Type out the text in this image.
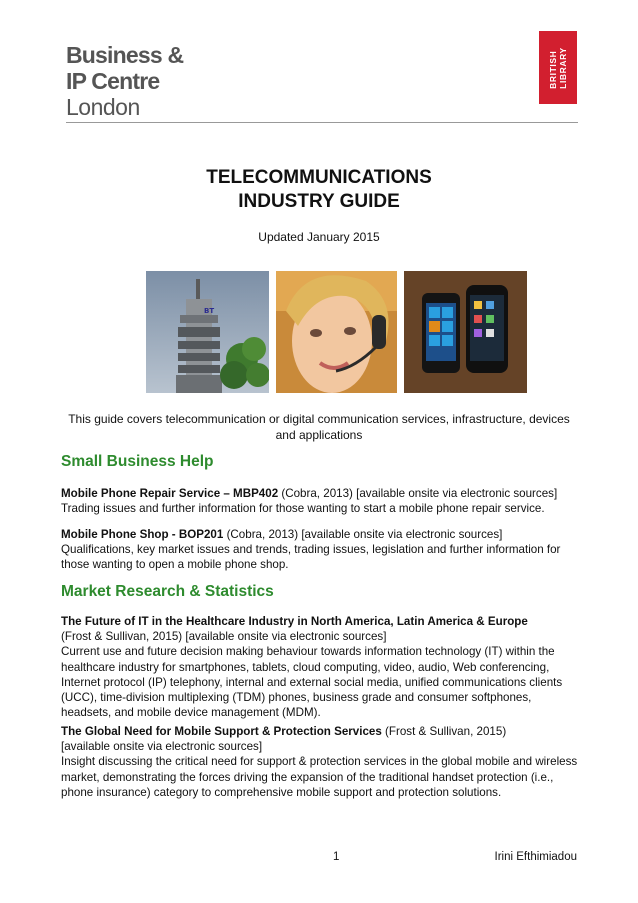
Business &
IP Centre
London
BRITISH LIBRARY
TELECOMMUNICATIONS
INDUSTRY GUIDE
Updated January 2015
BT
This guide covers telecommunication or digital communication services, infrastructure, devices and applications
Small Business Help
Mobile Phone Repair Service – MBP402 (Cobra, 2013) [available onsite via electronic sources]
Trading issues and further information for those wanting to start a mobile phone repair service.
Mobile Phone Shop - BOP201 (Cobra, 2013) [available onsite via electronic sources]
Qualifications, key market issues and trends, trading issues, legislation and further information for those wanting to open a mobile phone shop.
Market Research & Statistics
The Future of IT in the Healthcare Industry in North America, Latin America & Europe
(Frost & Sullivan, 2015) [available onsite via electronic sources]
Current use and future decision making behaviour towards information technology (IT) within the healthcare industry for smartphones, tablets, cloud computing, video, audio, Web conferencing, Internet protocol (IP) telephony, internal and external social media, unified communications clients (UCC), time-division multiplexing (TDM) phones, business grade and consumer softphones, headsets, and mobile device management (MDM).
The Global Need for Mobile Support & Protection Services (Frost & Sullivan, 2015)
[available onsite via electronic sources]
Insight discussing the critical need for support & protection services in the global mobile and wireless market, demonstrating the forces driving the expansion of the traditional handset protection (i.e., phone insurance) category to comprehensive mobile support and protection solutions.
1	Irini Efthimiadou
